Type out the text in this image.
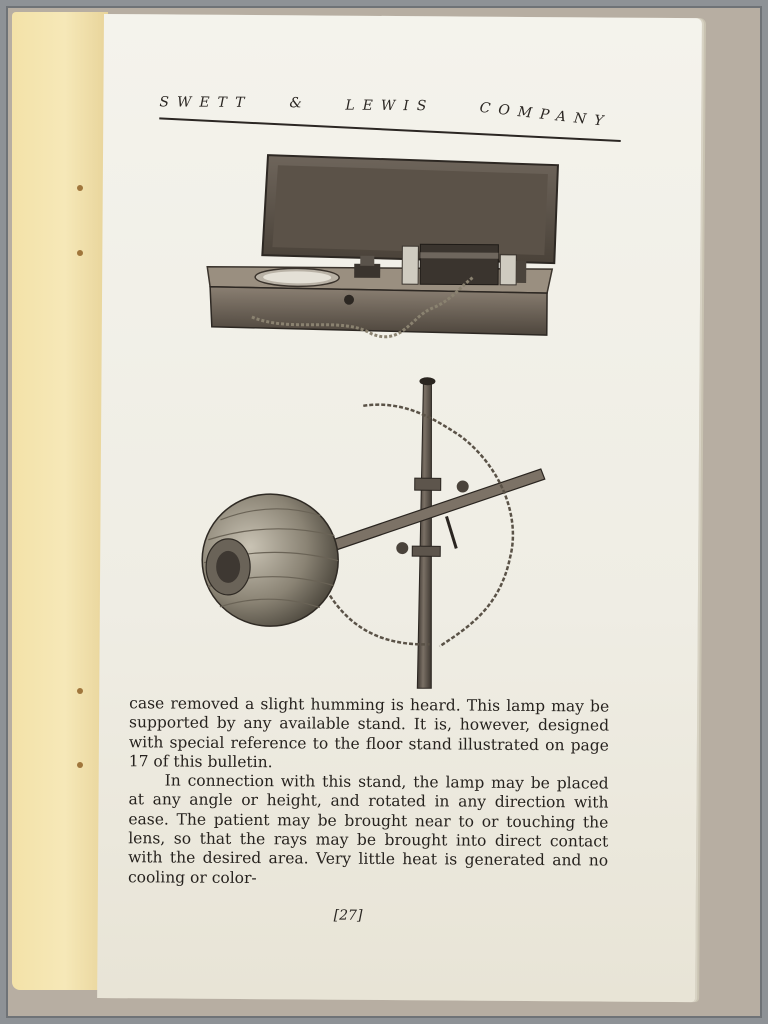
SWETT	&	LEWIS	COMPANY

case removed a slight humming is heard. This lamp may be supported by any available stand. It is, however, designed with special reference to the floor stand illustrated on page 17 of this bulletin.

In connection with this stand, the lamp may be placed at any angle or height, and rotated in any direction with ease. The patient may be brought near to or touching the lens, so that the rays may be brought into direct contact with the desired area. Very little heat is generated and no cooling or color-

[27]
